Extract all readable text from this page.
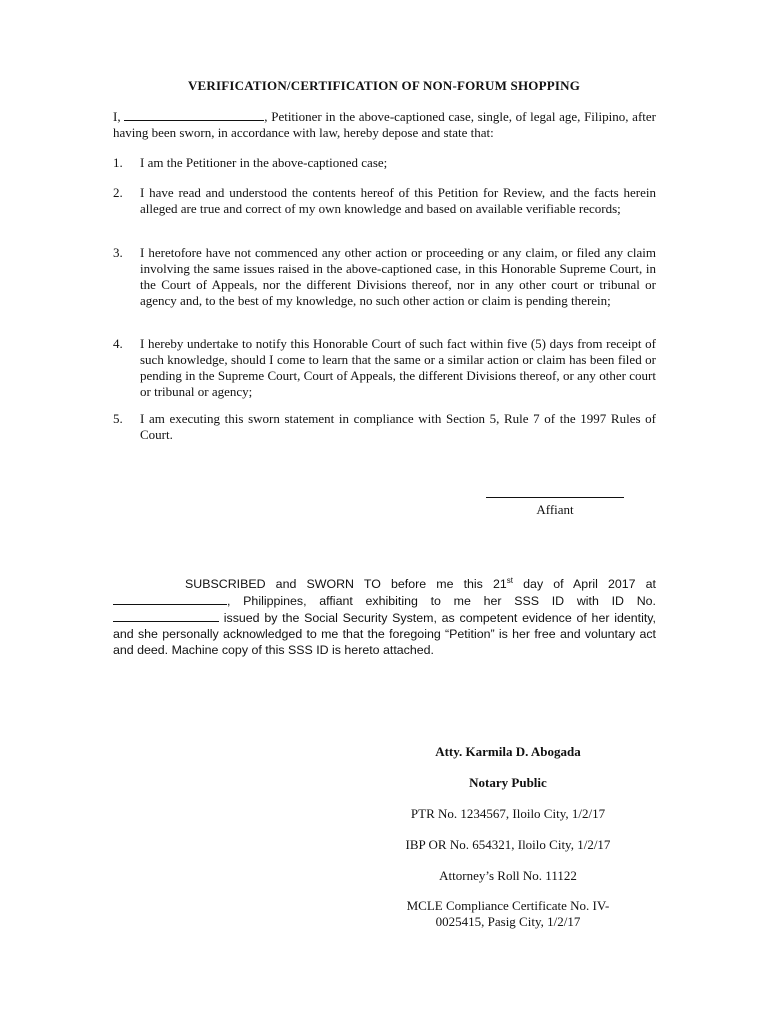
VERIFICATION/CERTIFICATION OF NON-FORUM SHOPPING
I,	, Petitioner in the above-captioned case, single, of legal age, Filipino, after having been sworn, in accordance with law, hereby depose and state that:
1.	I am the Petitioner in the above-captioned case;
2.	I have read and understood the contents hereof of this Petition for Review, and the facts herein alleged are true and correct of my own knowledge and based on available verifiable records;
3.	I heretofore have not commenced any other action or proceeding or any claim, or filed any claim involving the same issues raised in the above-captioned case, in this Honorable Supreme Court, in the Court of Appeals, nor the different Divisions thereof, nor in any other court or tribunal or agency and, to the best of my knowledge, no such other action or claim is pending therein;
4.	I hereby undertake to notify this Honorable Court of such fact within five (5) days from receipt of such knowledge, should I come to learn that the same or a similar action or claim has been filed or pending in the Supreme Court, Court of Appeals, the different Divisions thereof, or any other court or tribunal or agency;
5.	I am executing this sworn statement in compliance with Section 5, Rule 7 of the 1997 Rules of Court.
Affiant
SUBSCRIBED and SWORN TO before me this 21st day of April 2017 at , Philippines, affiant exhibiting to me her SSS ID with ID No.  issued by the Social Security System, as competent evidence of her identity, and she personally acknowledged to me that the foregoing “Petition” is her free and voluntary act and deed. Machine copy of this SSS ID is hereto attached.
Atty. Karmila D. Abogada
Notary Public
PTR No. 1234567, Iloilo City, 1/2/17
IBP OR No. 654321, Iloilo City, 1/2/17
Attorney’s Roll No. 11122
MCLE Compliance Certificate No. IV-
0025415, Pasig City, 1/2/17
